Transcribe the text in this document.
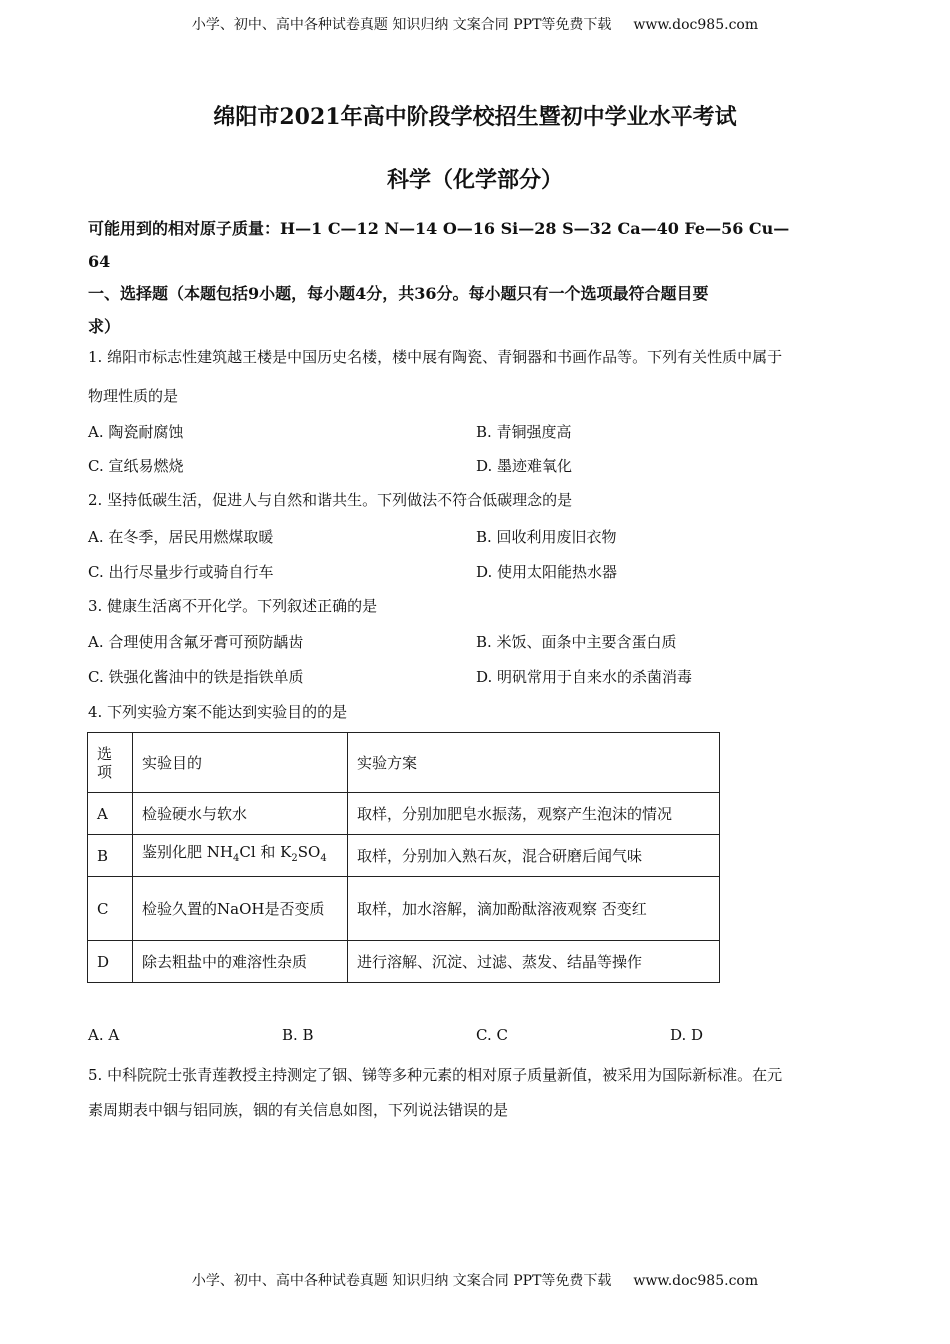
小学、初中、高中各种试卷真题 知识归纳 文案合同 PPT等免费下载 www.doc985.com
绵阳市2021年高中阶段学校招生暨初中学业水平考试
科学（化学部分）
可能用到的相对原子质量：H—1 C—12 N—14 O—16 Si—28 S—32 Ca—40 Fe—56 Cu—
64
一、选择题（本题包括9小题，每小题4分，共36分。每小题只有一个选项最符合题目要
求）
1. 绵阳市标志性建筑越王楼是中国历史名楼，楼中展有陶瓷、青铜器和书画作品等。下列有关性质中属于
物理性质的是
A. 陶瓷耐腐蚀	B. 青铜强度高
C. 宣纸易燃烧	D. 墨迹难氧化
2. 坚持低碳生活，促进人与自然和谐共生。下列做法不符合低碳理念的是
A. 在冬季，居民用燃煤取暖	B. 回收利用废旧衣物
C. 出行尽量步行或骑自行车	D. 使用太阳能热水器
3. 健康生活离不开化学。下列叙述正确的是
A. 合理使用含氟牙膏可预防龋齿	B. 米饭、面条中主要含蛋白质
C. 铁强化酱油中的铁是指铁单质	D. 明矾常用于自来水的杀菌消毒
4. 下列实验方案不能达到实验目的的是
选项	实验目的	实验方案
A	检验硬水与软水	取样，分别加肥皂水振荡，观察产生泡沫的情况
B	鉴别化肥 $NH_4Cl$ 和 $K_2SO_4$	取样，分别加入熟石灰，混合研磨后闻气味
C	检验久置的NaOH是否变质	取样，加水溶解，滴加酚酞溶液观察 否变红
D	除去粗盐中的难溶性杂质	进行溶解、沉淀、过滤、蒸发、结晶等操作
A. A	B. B	C. C	D. D
5. 中科院院士张青莲教授主持测定了铟、锑等多种元素的相对原子质量新值，被采用为国际新标准。在元
素周期表中铟与铝同族，铟的有关信息如图，下列说法错误的是
小学、初中、高中各种试卷真题 知识归纳 文案合同 PPT等免费下载 www.doc985.com
